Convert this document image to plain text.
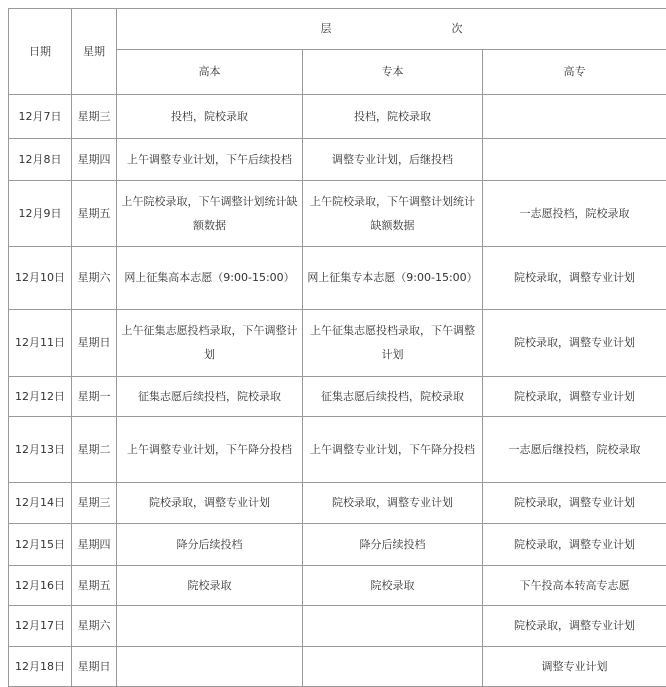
日期	星期	层 次		
		高本	专本	高专
12月7日	星期三	投档，院校录取	投档，院校录取	
12月8日	星期四	上午调整专业计划，下午后续投档	调整专业计划，后继投档	
12月9日	星期五	上午院校录取，下午调整计划统计缺额数据	上午院校录取，下午调整计划统计缺额数据	一志愿投档，院校录取
12月10日	星期六	网上征集高本志愿（9:00-15:00）	网上征集专本志愿（9:00-15:00）	院校录取，调整专业计划
12月11日	星期日	上午征集志愿投档录取，下午调整计划	上午征集志愿投档录取，下午调整计划	院校录取，调整专业计划
12月12日	星期一	征集志愿后续投档，院校录取	征集志愿后续投档，院校录取	院校录取，调整专业计划
12月13日	星期二	上午调整专业计划，下午降分投档	上午调整专业计划，下午降分投档	一志愿后继投档，院校录取
12月14日	星期三	院校录取，调整专业计划	院校录取，调整专业计划	院校录取，调整专业计划
12月15日	星期四	降分后续投档	降分后续投档	院校录取，调整专业计划
12月16日	星期五	院校录取	院校录取	下午投高本转高专志愿
12月17日	星期六			院校录取，调整专业计划
12月18日	星期日			调整专业计划
